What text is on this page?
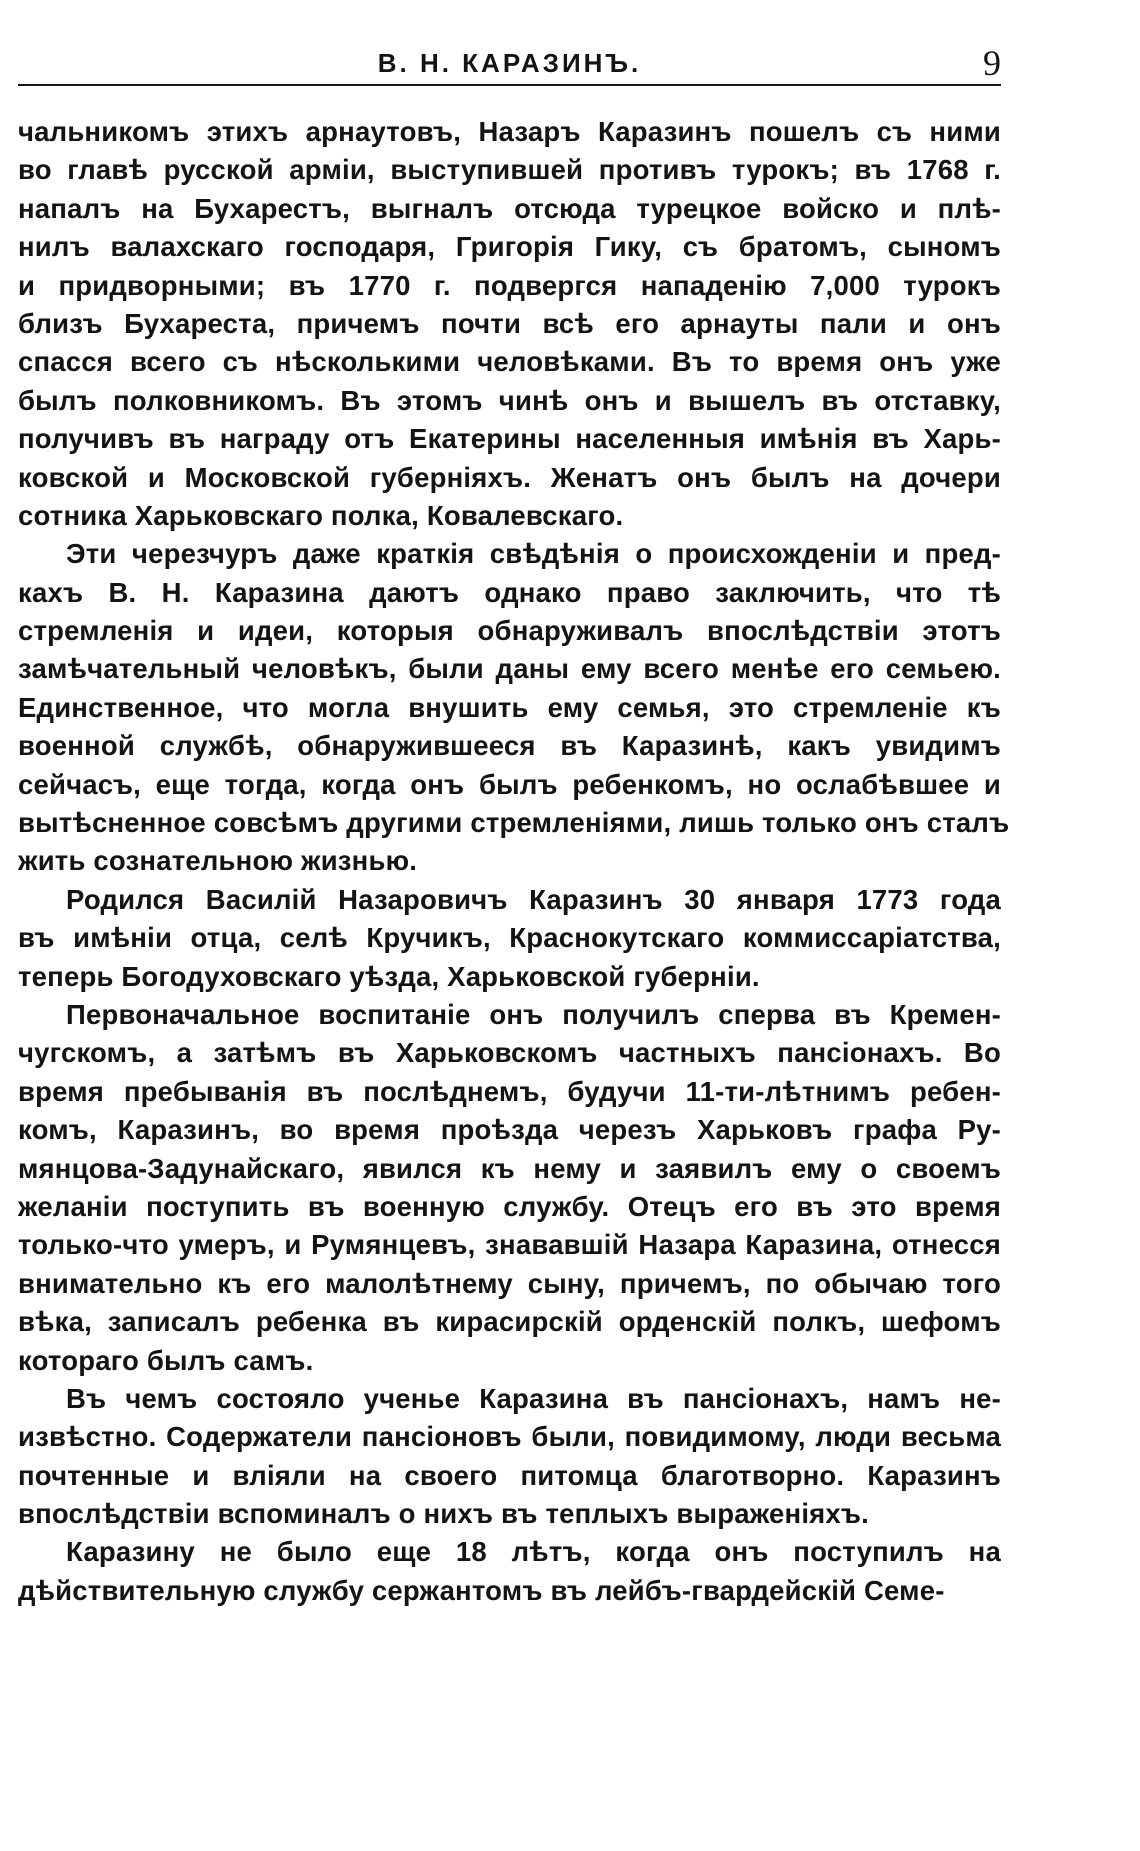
В. Н. КАРАЗИНЪ.	9
чальникомъ этихъ арнаутовъ, Назаръ Каразинъ пошелъ съ ними
во главѣ русской арміи, выступившей противъ турокъ; въ 1768 г.
напалъ на Бухарестъ, выгналъ отсюда турецкое войско и плѣ-
нилъ валахскаго господаря, Григорія Гику, съ братомъ, сыномъ
и придворными; въ 1770 г. подвергся нападенію 7,000 турокъ
близъ Бухареста, причемъ почти всѣ его арнауты пали и онъ
спасся всего съ нѣсколькими человѣками. Въ то время онъ уже
былъ полковникомъ. Въ этомъ чинѣ онъ и вышелъ въ отставку,
получивъ въ награду отъ Екатерины населенныя имѣнія въ Харь-
ковской и Московской губерніяхъ. Женатъ онъ былъ на дочери
сотника Харьковскаго полка, Ковалевскаго.
Эти черезчуръ даже краткія свѣдѣнія о происхожденіи и пред-
кахъ В. Н. Каразина даютъ однако право заключить, что тѣ
стремленія и идеи, которыя обнаруживалъ впослѣдствіи этотъ
замѣчательный человѣкъ, были даны ему всего менѣе его семьею.
Единственное, что могла внушить ему семья, это стремленіе къ
военной службѣ, обнаружившееся въ Каразинѣ, какъ увидимъ
сейчасъ, еще тогда, когда онъ былъ ребенкомъ, но ослабѣвшее и
вытѣсненное совсѣмъ другими стремленіями, лишь только онъ сталъ
жить сознательною жизнью.
Родился Василій Назаровичъ Каразинъ 30 января 1773 года
въ имѣніи отца, селѣ Кручикъ, Краснокутскаго коммиссаріатства,
теперь Богодуховскаго уѣзда, Харьковской губерніи.
Первоначальное воспитаніе онъ получилъ сперва въ Кремен-
чугскомъ, а затѣмъ въ Харьковскомъ частныхъ пансіонахъ. Во
время пребыванія въ послѣднемъ, будучи 11-ти-лѣтнимъ ребен-
комъ, Каразинъ, во время проѣзда черезъ Харьковъ графа Ру-
мянцова-Задунайскаго, явился къ нему и заявилъ ему о своемъ
желаніи поступить въ военную службу. Отецъ его въ это время
только-что умеръ, и Румянцевъ, знававшій Назара Каразина, отнесся
внимательно къ его малолѣтнему сыну, причемъ, по обычаю того
вѣка, записалъ ребенка въ кирасирскій орденскій полкъ, шефомъ
котораго былъ самъ.
Въ чемъ состояло ученье Каразина въ пансіонахъ, намъ не-
извѣстно. Содержатели пансіоновъ были, повидимому, люди весьма
почтенные и вліяли на своего питомца благотворно. Каразинъ
впослѣдствіи вспоминалъ о нихъ въ теплыхъ выраженіяхъ.
Каразину не было еще 18 лѣтъ, когда онъ поступилъ на
дѣйствительную службу сержантомъ въ лейбъ-гвардейскій Семе-
